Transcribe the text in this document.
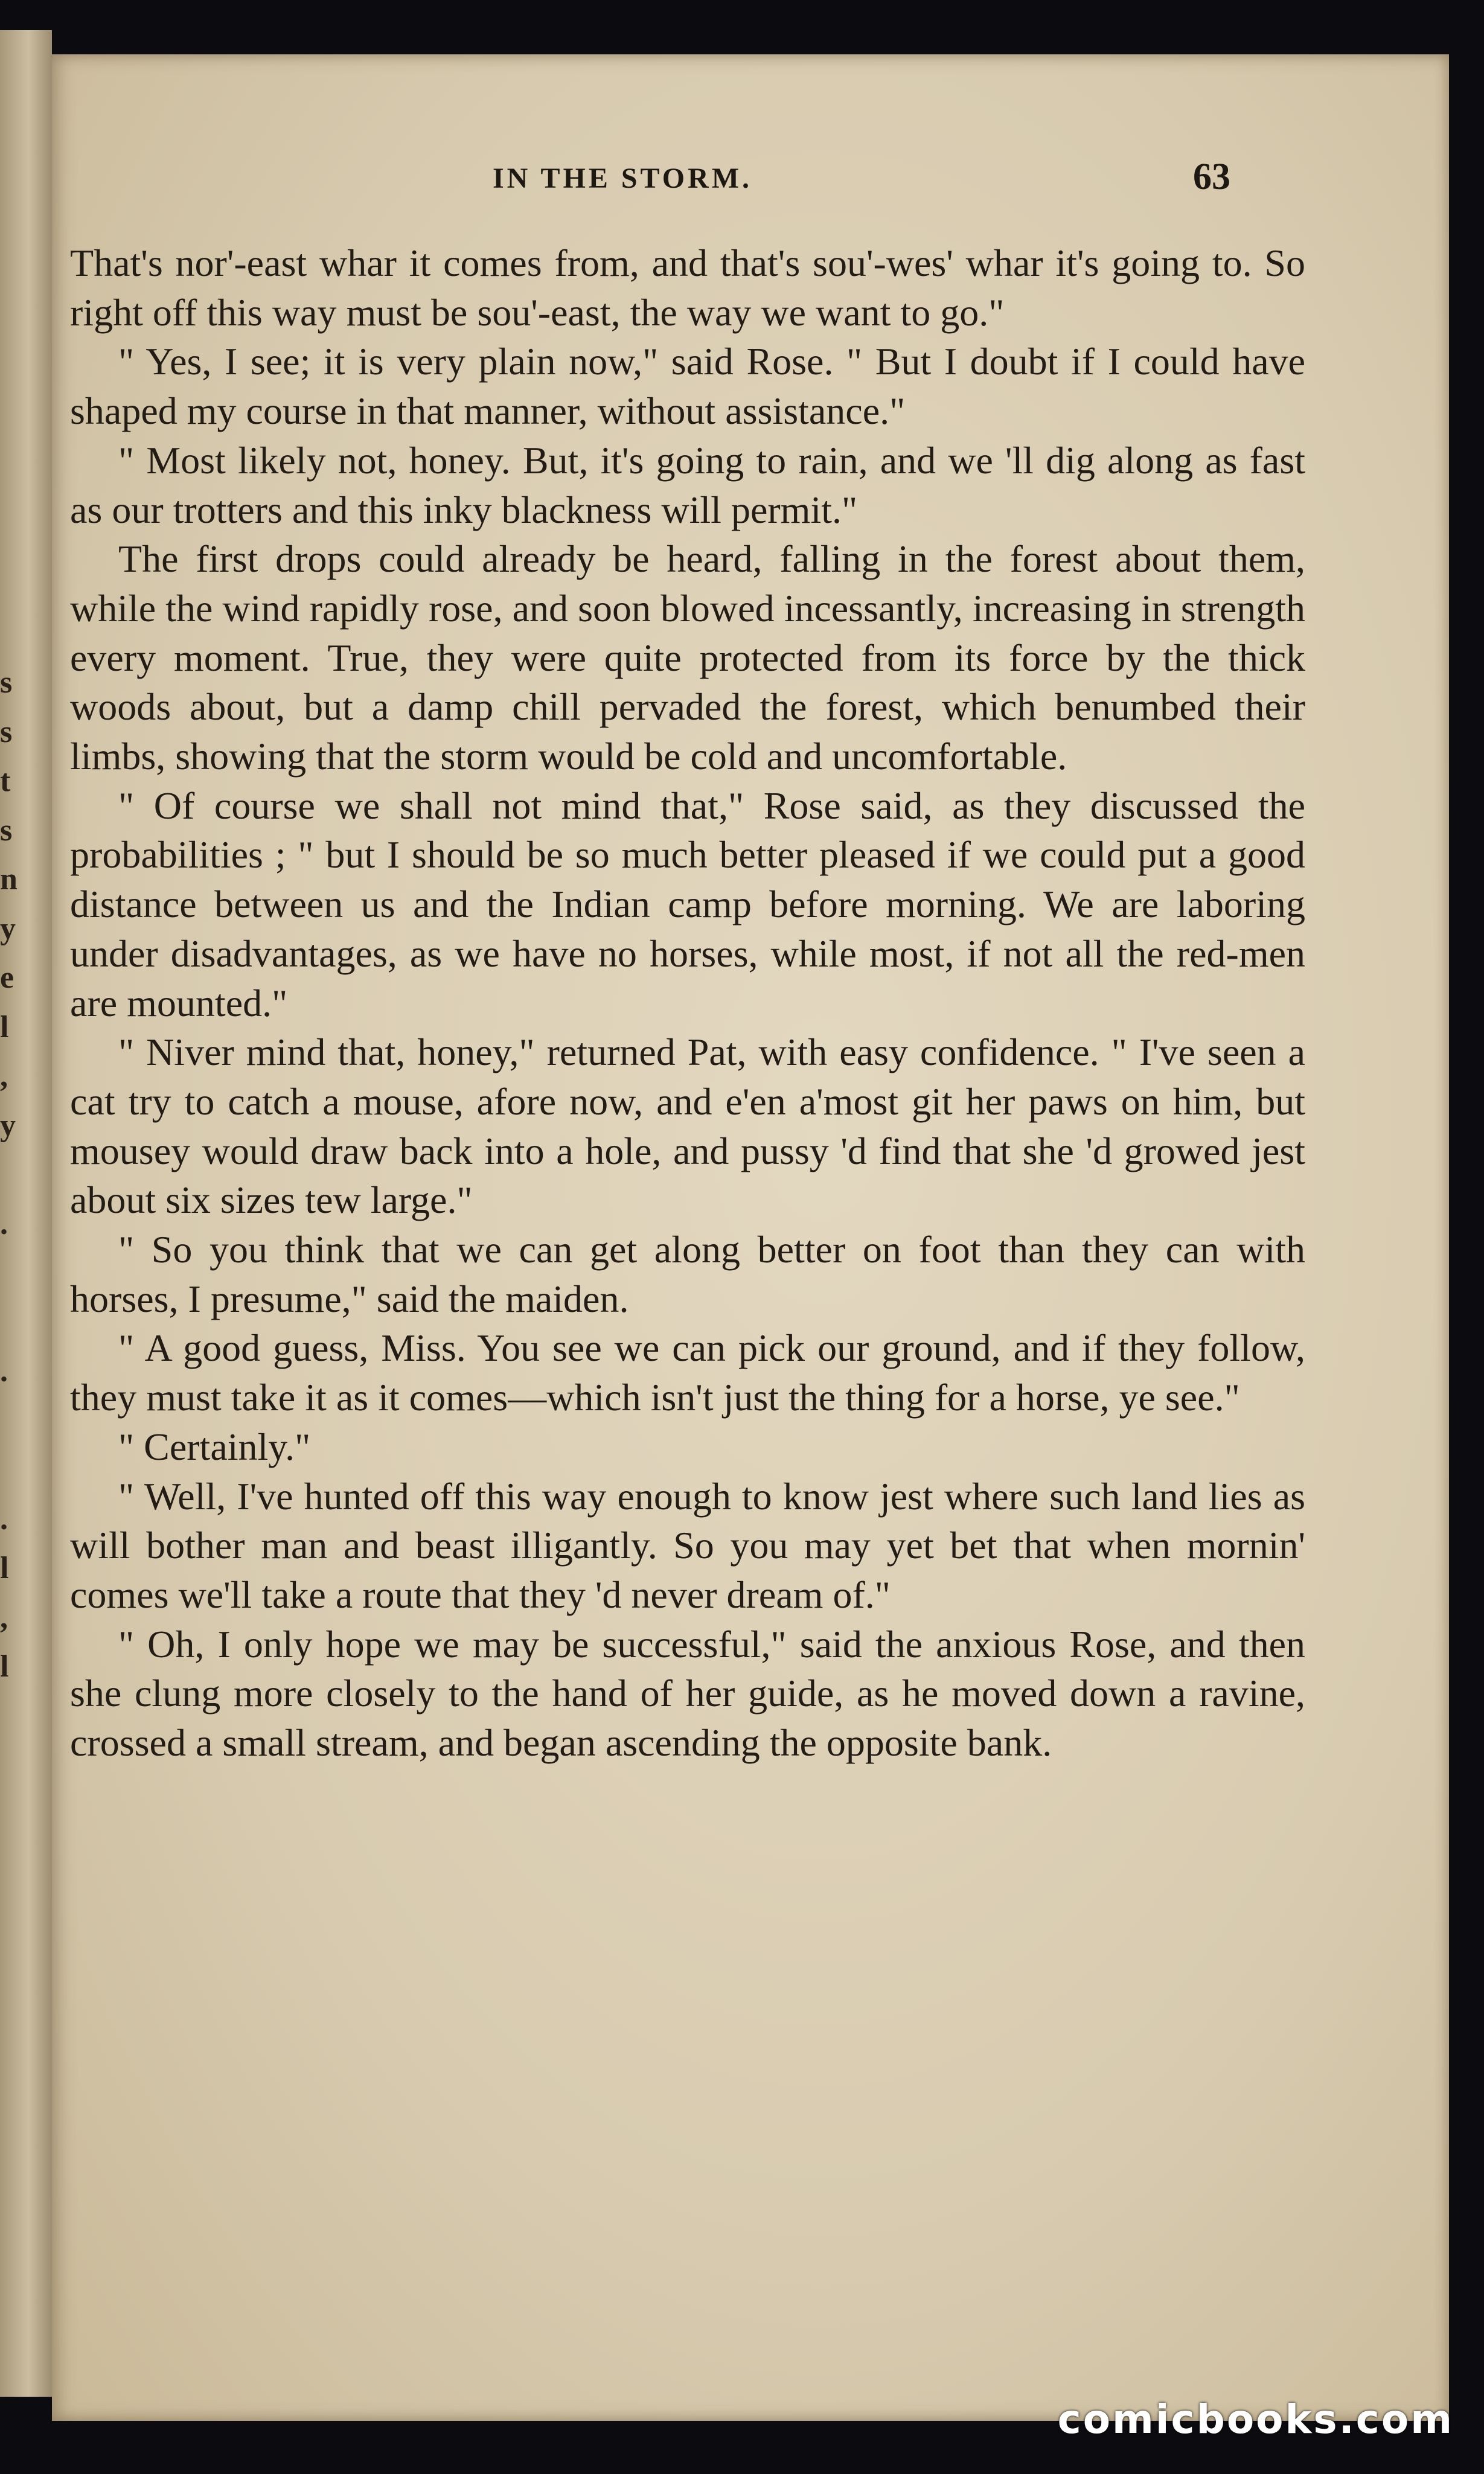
s
s
t
s
n
y
e
l
,
y
.
.
.
l
,
l
IN THE STORM.	63

That's nor'-east whar it comes from, and that's sou'-wes' whar it's going to. So right off this way must be sou'-east, the way we want to go."

" Yes, I see; it is very plain now," said Rose. " But I doubt if I could have shaped my course in that manner, without assistance."

" Most likely not, honey. But, it's going to rain, and we 'll dig along as fast as our trotters and this inky blackness will permit."

The first drops could already be heard, falling in the forest about them, while the wind rapidly rose, and soon blowed incessantly, increasing in strength every moment. True, they were quite protected from its force by the thick woods about, but a damp chill pervaded the forest, which benumbed their limbs, showing that the storm would be cold and uncomfortable.

" Of course we shall not mind that," Rose said, as they discussed the probabilities ; " but I should be so much better pleased if we could put a good distance between us and the Indian camp before morning. We are laboring under disadvantages, as we have no horses, while most, if not all the red-men are mounted."

" Niver mind that, honey," returned Pat, with easy confidence. " I've seen a cat try to catch a mouse, afore now, and e'en a'most git her paws on him, but mousey would draw back into a hole, and pussy 'd find that she 'd growed jest about six sizes tew large."

" So you think that we can get along better on foot than they can with horses, I presume," said the maiden.

" A good guess, Miss. You see we can pick our ground, and if they follow, they must take it as it comes—which isn't just the thing for a horse, ye see."

" Certainly."

" Well, I've hunted off this way enough to know jest where such land lies as will bother man and beast illigantly. So you may yet bet that when mornin' comes we'll take a route that they 'd never dream of."

" Oh, I only hope we may be successful," said the anxious Rose, and then she clung more closely to the hand of her guide, as he moved down a ravine, crossed a small stream, and began ascending the opposite bank.

comicbooks.com
